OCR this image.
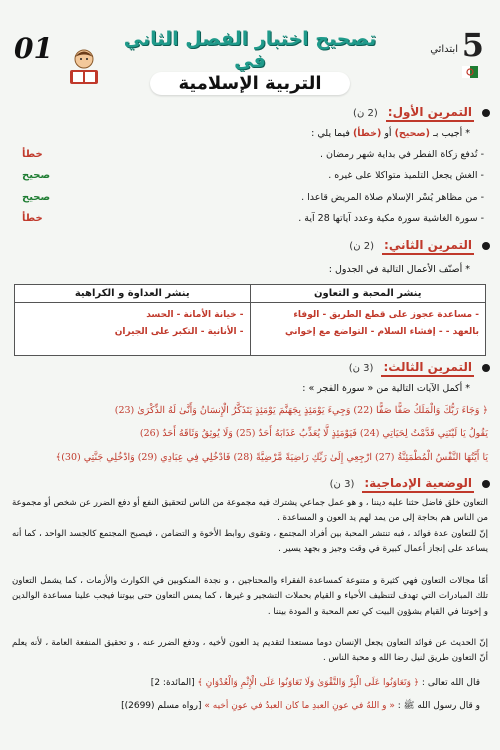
01	تصحيح اختبار الفصل الثاني في
التربية الإسلامية
5
ابتدائي
التمرين الأول:
(2 ن)
* أجيب بـ (صحيح) أو (خطأ) فيما يلي :
- تُدفع زكاة الفطر في بداية شهر رمضان .
خطأ
- الغش يجعل التلميذ متواكلا على غيره .
صحيح
- من مظاهر يُسْر الإسلام صلاة المريض قاعدا .
صحيح
- سورة الغاشية سورة مكية وعدد آياتها 28 آية .
خطأ
التمرين الثاني:
(2 ن)
* أصنّف الأعمال التالية في الجدول :
ينشر المحبة و التعاون
ينشر العداوة و الكراهية
- مساعدة عجوز على قطع الطريق - الوفاء
بالعهد - - إفشاء السلام - التواضع مع إخواني
- خيانة الأمانة - الحسد
- الأنانية - التكبر على الجيران
التمرين الثالث:
(3 ن)
* أكمل الآيات التالية من « سورة الفجر » :
﴿ وَجَاءَ رَبُّكَ وَالْمَلَكُ صَفًّا صَفًّا (22) وَجِيءَ يَوْمَئِذٍ بِجَهَنَّمَ يَوْمَئِذٍ يَتَذَكَّرُ الْإِنسَانُ وَأَنَّىٰ لَهُ الذِّكْرَىٰ (23)
يَقُولُ يَا لَيْتَنِي قَدَّمْتُ لِحَيَاتِي (24) فَيَوْمَئِذٍ لَّا يُعَذِّبُ عَذَابَهُ أَحَدٌ (25) وَلَا يُوثِقُ وَثَاقَهُ أَحَدٌ (26)
يَا أَيَّتُهَا النَّفْسُ الْمُطْمَئِنَّةُ (27) ارْجِعِي إِلَىٰ رَبِّكِ رَاضِيَةً مَّرْضِيَّةً (28) فَادْخُلِي فِي عِبَادِي (29) وَادْخُلِي جَنَّتِي (30)﴾
الوضعية الإدماجية:
(3 ن)
التعاون خلق فاضل حثنا عليه ديننا ، و هو عمل جماعي يشترك فيه مجموعة من الناس لتحقيق النفع أو دفع الضرر عن شخص أو مجموعة من الناس هم بحاجة إلى من يمد لهم يد العون و المساعدة .
إنّ للتعاون عدة فوائد ، فبه تنتشر المحبة بين أفراد المجتمع ، وتقوى روابط الأخوة و التضامن ، فيصبح المجتمع كالجسد الواحد ، كما أنه يساعد على إنجاز أعمال كبيرة في وقت وجيز و بجهد يسير .
أمّا مجالات التعاون فهي كثيرة و متنوعة كمساعدة الفقراء والمحتاجين ، و نجدة المنكوبين في الكوارث والأزمات ، كما يشمل التعاون تلك المبادرات التي تهدف لتنظيف الأحياء و القيام بحملات التشجير و غيرها ، كما يمس التعاون حتى بيوتنا فيجب علينا مساعدة الوالدين و إخوتنا في القيام بشؤون البيت كي تعم المحبة و المودة بيننا .
إنّ الحديث عن فوائد التعاون يجعل الإنسان دوما مستعدا لتقديم يد العون لأخيه ، ودفع الضرر عنه ، و تحقيق المنفعة العامة ، لأنه يعلم أنّ التعاون طريق لنيل رضا الله و محبة الناس .
قال الله تعالى : ﴿ وَتَعَاوَنُوا عَلَى الْبِرِّ وَالتَّقْوَىٰ وَلَا تَعَاوَنُوا عَلَى الْإِثْمِ وَالْعُدْوَانِ ﴾ [المائدة: 2]
و قال رسول الله ﷺ : « و اللهُ في عونِ العبدِ ما كان العبدُ في عونِ أخيه » [رواه مسلم (2699)]
